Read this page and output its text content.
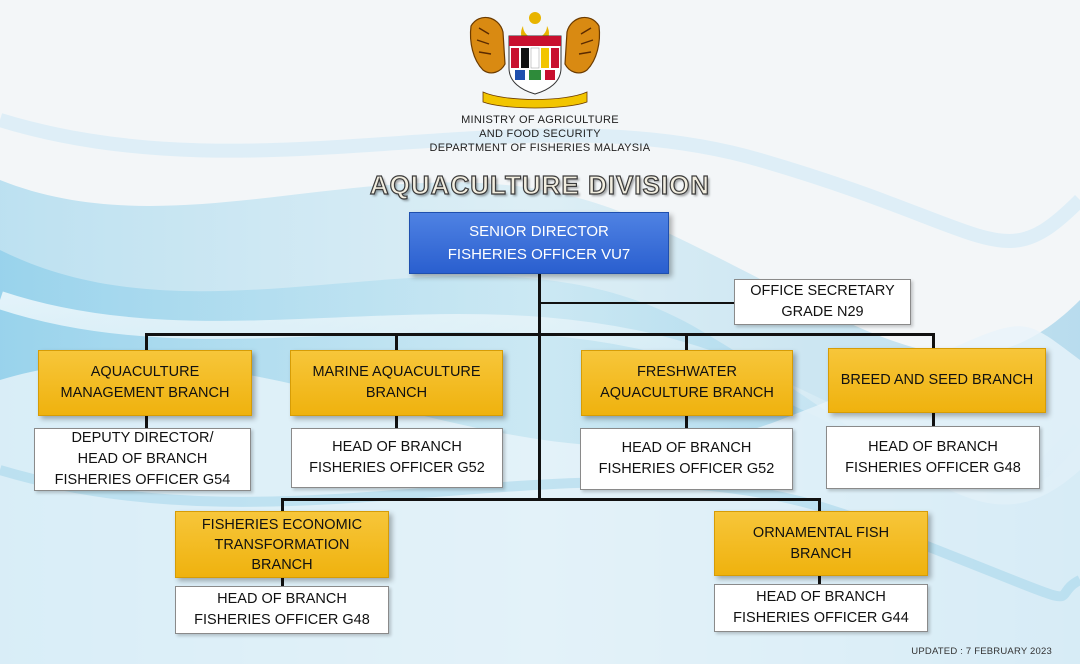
MINISTRY OF AGRICULTURE
AND FOOD SECURITY
DEPARTMENT OF FISHERIES MALAYSIA
AQUACULTURE DIVISION
SENIOR DIRECTOR
FISHERIES OFFICER VU7
OFFICE SECRETARY
GRADE N29
AQUACULTURE
MANAGEMENT BRANCH
MARINE AQUACULTURE
BRANCH
FRESHWATER
AQUACULTURE BRANCH
BREED AND SEED BRANCH
DEPUTY DIRECTOR/
HEAD OF BRANCH
FISHERIES OFFICER G54
HEAD OF BRANCH
FISHERIES OFFICER G52
HEAD OF BRANCH
FISHERIES OFFICER G52
HEAD OF BRANCH
FISHERIES OFFICER G48
FISHERIES ECONOMIC
TRANSFORMATION
BRANCH
ORNAMENTAL FISH
BRANCH
HEAD OF BRANCH
FISHERIES OFFICER G48
HEAD OF BRANCH
FISHERIES OFFICER G44
UPDATED : 7 FEBRUARY 2023
